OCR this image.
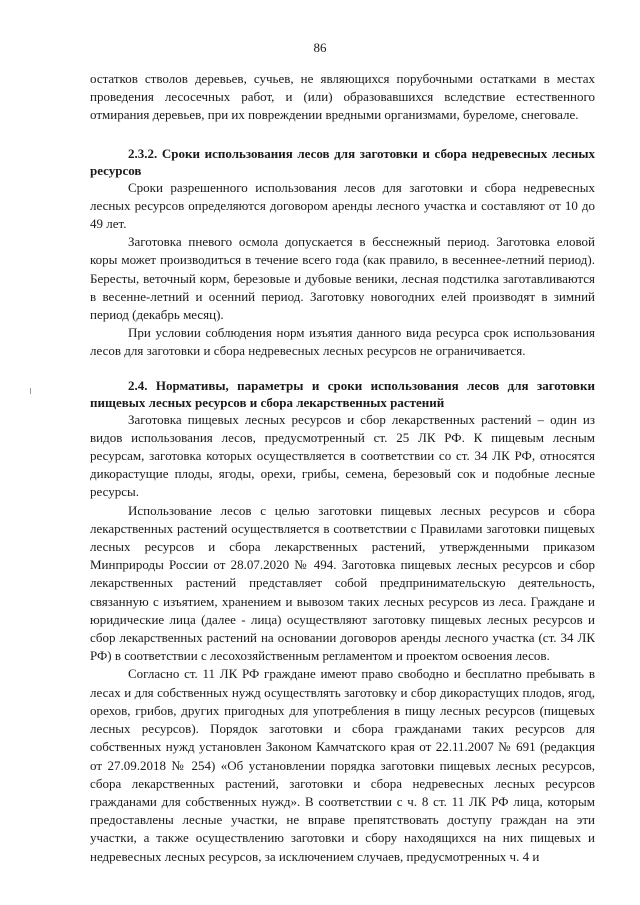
86

остатков стволов деревьев, сучьев, не являющихся порубочными остатками в местах проведения лесосечных работ, и (или) образовавшихся вследствие естественного отмирания деревьев, при их повреждении вредными организмами, буреломе, снеговале.

2.3.2. Сроки использования лесов для заготовки и сбора недревесных лесных ресурсов

Сроки разрешенного использования лесов для заготовки и сбора недревесных лесных ресурсов определяются договором аренды лесного участка и составляют от 10 до 49 лет.

Заготовка пневого осмола допускается в бесснежный период. Заготовка еловой коры может производиться в течение всего года (как правило, в весеннее-летний период). Бересты, веточный корм, березовые и дубовые веники, лесная подстилка заготавливаются в весенне-летний и осенний период. Заготовку новогодних елей производят в зимний период (декабрь месяц).

При условии соблюдения норм изъятия данного вида ресурса срок использования лесов для заготовки и сбора недревесных лесных ресурсов не ограничивается.

2.4. Нормативы, параметры и сроки использования лесов для заготовки пищевых лесных ресурсов и сбора лекарственных растений

Заготовка пищевых лесных ресурсов и сбор лекарственных растений – один из видов использования лесов, предусмотренный ст. 25 ЛК РФ. К пищевым лесным ресурсам, заготовка которых осуществляется в соответствии со ст. 34 ЛК РФ, относятся дикорастущие плоды, ягоды, орехи, грибы, семена, березовый сок и подобные лесные ресурсы.

Использование лесов с целью заготовки пищевых лесных ресурсов и сбора лекарственных растений осуществляется в соответствии с Правилами заготовки пищевых лесных ресурсов и сбора лекарственных растений, утвержденными приказом Минприроды России от 28.07.2020 № 494. Заготовка пищевых лесных ресурсов и сбор лекарственных растений представляет собой предпринимательскую деятельность, связанную с изъятием, хранением и вывозом таких лесных ресурсов из леса. Граждане и юридические лица (далее - лица) осуществляют заготовку пищевых лесных ресурсов и сбор лекарственных растений на основании договоров аренды лесного участка (ст. 34 ЛК РФ) в соответствии с лесохозяйственным регламентом и проектом освоения лесов.

Согласно ст. 11 ЛК РФ граждане имеют право свободно и бесплатно пребывать в лесах и для собственных нужд осуществлять заготовку и сбор дикорастущих плодов, ягод, орехов, грибов, других пригодных для употребления в пищу лесных ресурсов (пищевых лесных ресурсов). Порядок заготовки и сбора гражданами таких ресурсов для собственных нужд установлен Законом Камчатского края от 22.11.2007 № 691 (редакция от 27.09.2018 № 254) «Об установлении порядка заготовки пищевых лесных ресурсов, сбора лекарственных растений, заготовки и сбора недревесных лесных ресурсов гражданами для собственных нужд». В соответствии с ч. 8 ст. 11 ЛК РФ лица, которым предоставлены лесные участки, не вправе препятствовать доступу граждан на эти участки, а также осуществлению заготовки и сбору находящихся на них пищевых и недревесных лесных ресурсов, за исключением случаев, предусмотренных ч. 4 и
